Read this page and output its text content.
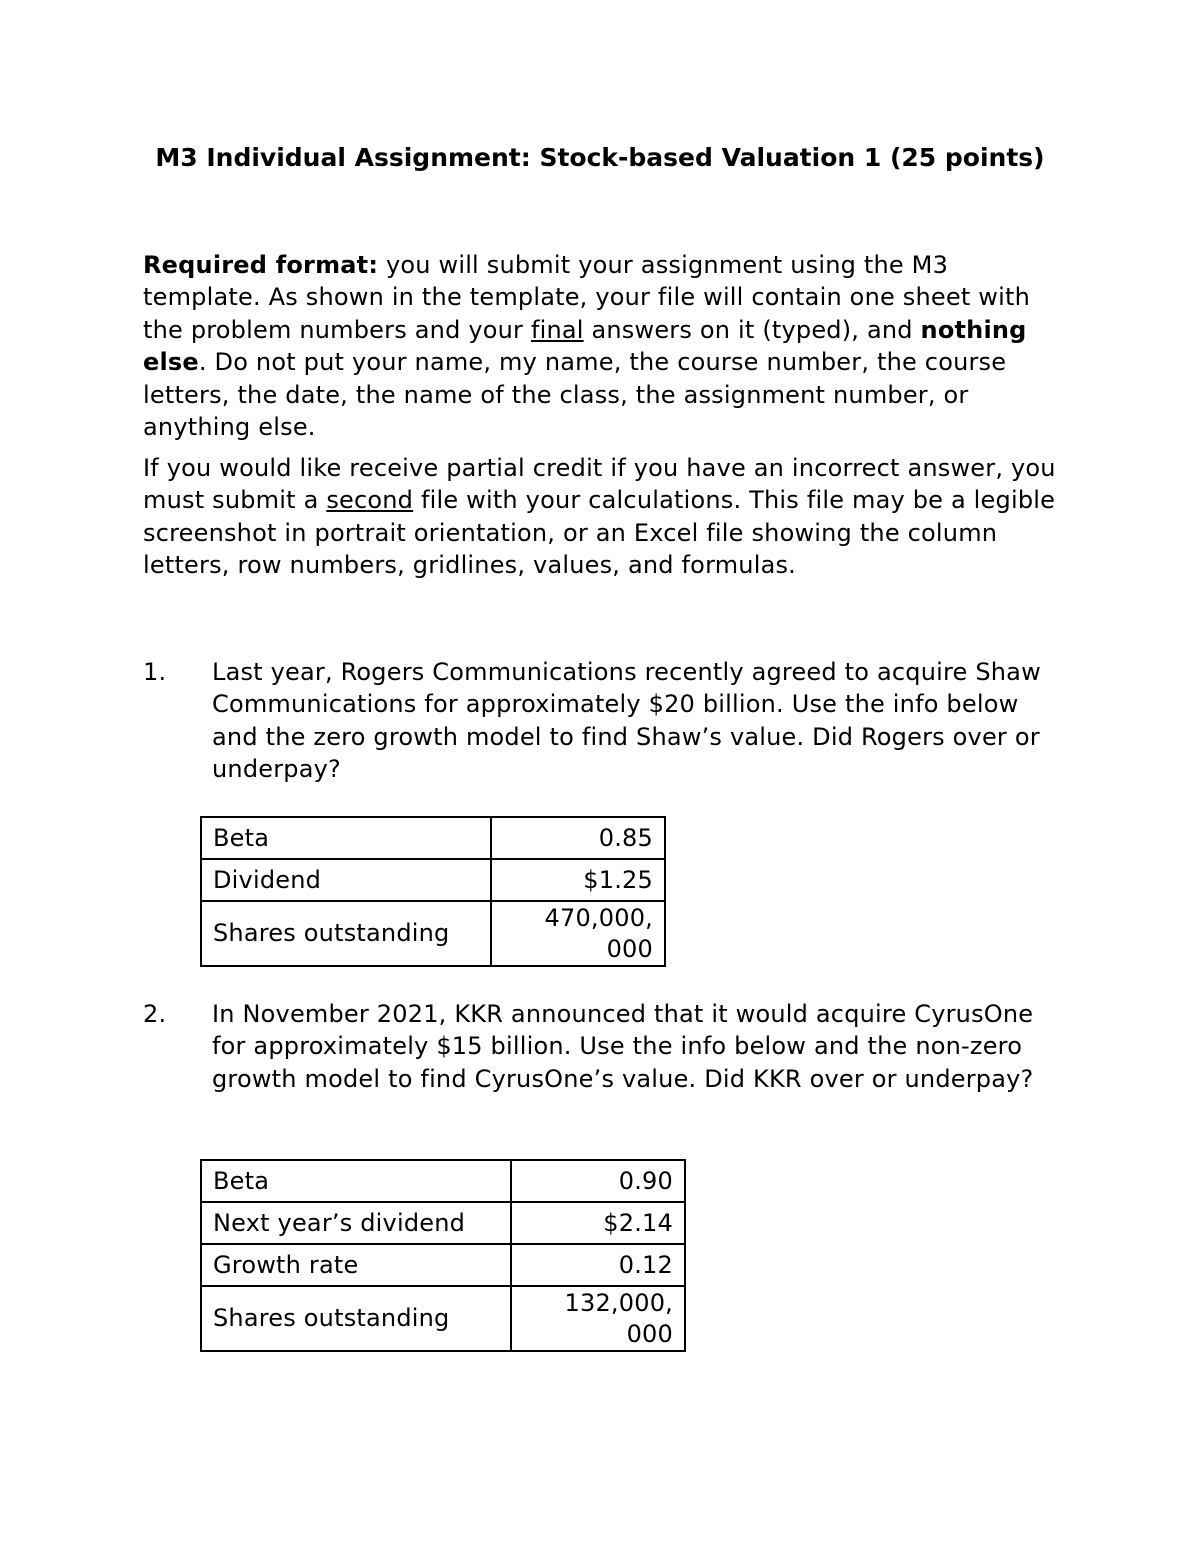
M3 Individual Assignment: Stock-based Valuation 1 (25 points)
Required format: you will submit your assignment using the M3 template. As shown in the template, your file will contain one sheet with the problem numbers and your final answers on it (typed), and nothing else. Do not put your name, my name, the course number, the course letters, the date, the name of the class, the assignment number, or anything else.
If you would like receive partial credit if you have an incorrect answer, you must submit a second file with your calculations. This file may be a legible screenshot in portrait orientation, or an Excel file showing the column letters, row numbers, gridlines, values, and formulas.
1. Last year, Rogers Communications recently agreed to acquire Shaw Communications for approximately $20 billion. Use the info below and the zero growth model to find Shaw’s value. Did Rogers over or underpay?
Beta	0.85
Dividend	$1.25
Shares outstanding	470,000,000
2. In November 2021, KKR announced that it would acquire CyrusOne for approximately $15 billion. Use the info below and the non-zero growth model to find CyrusOne’s value. Did KKR over or underpay?
Beta	0.90
Next year’s dividend	$2.14
Growth rate	0.12
Shares outstanding	132,000,000
